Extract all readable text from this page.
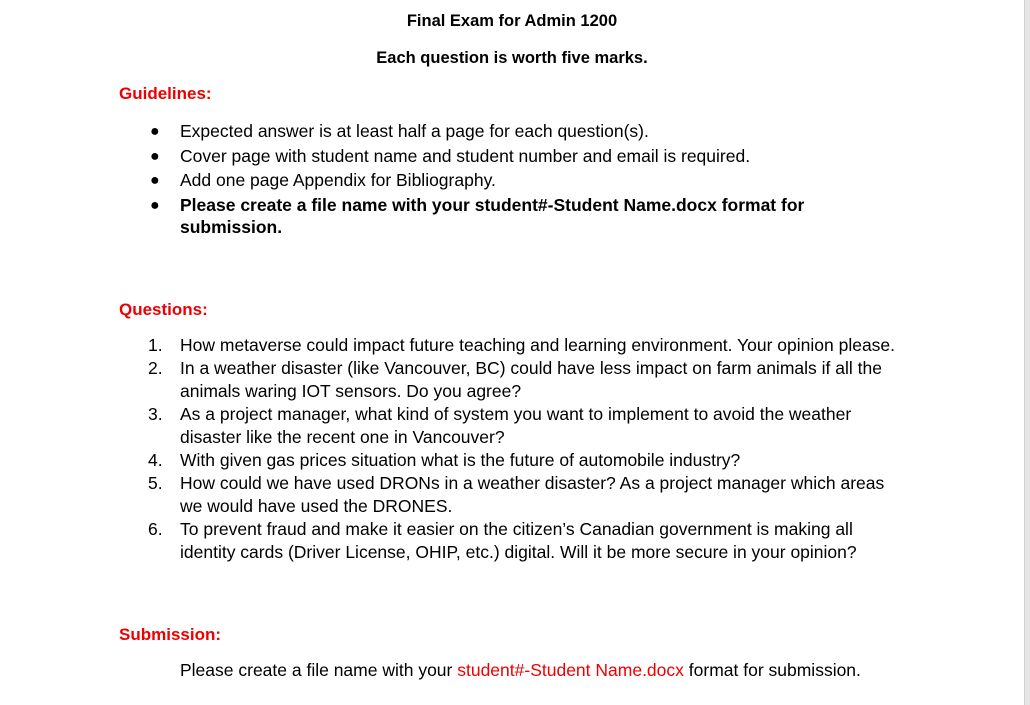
Final Exam for Admin 1200
Each question is worth five marks.
Guidelines:
●	Expected answer is at least half a page for each question(s).
●	Cover page with student name and student number and email is required.
●	Add one page Appendix for Bibliography.
●	Please create a file name with your student#-Student Name.docx format for submission.
Questions:
1. How metaverse could impact future teaching and learning environment. Your opinion please.
2. In a weather disaster (like Vancouver, BC) could have less impact on farm animals if all the animals waring IOT sensors. Do you agree?
3. As a project manager, what kind of system you want to implement to avoid the weather disaster like the recent one in Vancouver?
4. With given gas prices situation what is the future of automobile industry?
5. How could we have used DRONs in a weather disaster? As a project manager which areas we would have used the DRONES.
6. To prevent fraud and make it easier on the citizen’s Canadian government is making all identity cards (Driver License, OHIP, etc.) digital. Will it be more secure in your opinion?
Submission:

Please create a file name with your student#-Student Name.docx format for submission.
